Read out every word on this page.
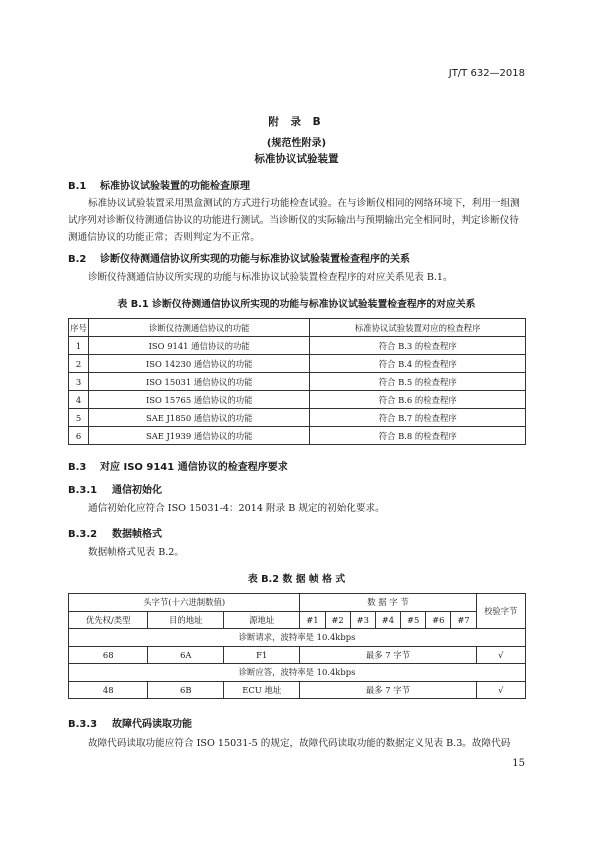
JT/T 632—2018
附 录 B
(规范性附录)
标准协议试验装置
B.1 标准协议试验装置的功能检查原理
标准协议试验装置采用黑盒测试的方式进行功能检查试验。在与诊断仪相同的网络环境下，利用一组测试序列对诊断仪待测通信协议的功能进行测试。当诊断仪的实际输出与预期输出完全相同时，判定诊断仪待测通信协议的功能正常；否则判定为不正常。
B.2 诊断仪待测通信协议所实现的功能与标准协议试验装置检查程序的关系
诊断仪待测通信协议所实现的功能与标准协议试验装置检查程序的对应关系见表 B.1。
表 B.1 诊断仪待测通信协议所实现的功能与标准协议试验装置检查程序的对应关系
序号	诊断仪待测通信协议的功能	标准协议试验装置对应的检查程序
1	ISO 9141 通信协议的功能	符合 B.3 的检查程序
2	ISO 14230 通信协议的功能	符合 B.4 的检查程序
3	ISO 15031 通信协议的功能	符合 B.5 的检查程序
4	ISO 15765 通信协议的功能	符合 B.6 的检查程序
5	SAE J1850 通信协议的功能	符合 B.7 的检查程序
6	SAE J1939 通信协议的功能	符合 B.8 的检查程序
B.3 对应 ISO 9141 通信协议的检查程序要求
B.3.1 通信初始化
通信初始化应符合 ISO 15031-4：2014 附录 B 规定的初始化要求。
B.3.2 数据帧格式
数据帧格式见表 B.2。
表 B.2 数 据 帧 格 式
头字节(十六进制数值)			数 据 字 节							校验字节
优先权/类型	目的地址	源地址	#1	#2	#3	#4	#5	#6	#7	
诊断请求，波特率是 10.4kbps										
68	6A	F1	最多 7 字节							√
诊断应答，波特率是 10.4kbps										
48	6B	ECU 地址	最多 7 字节							√
B.3.3 故障代码读取功能
故障代码读取功能应符合 ISO 15031-5 的规定，故障代码读取功能的数据定义见表 B.3。故障代码
15
